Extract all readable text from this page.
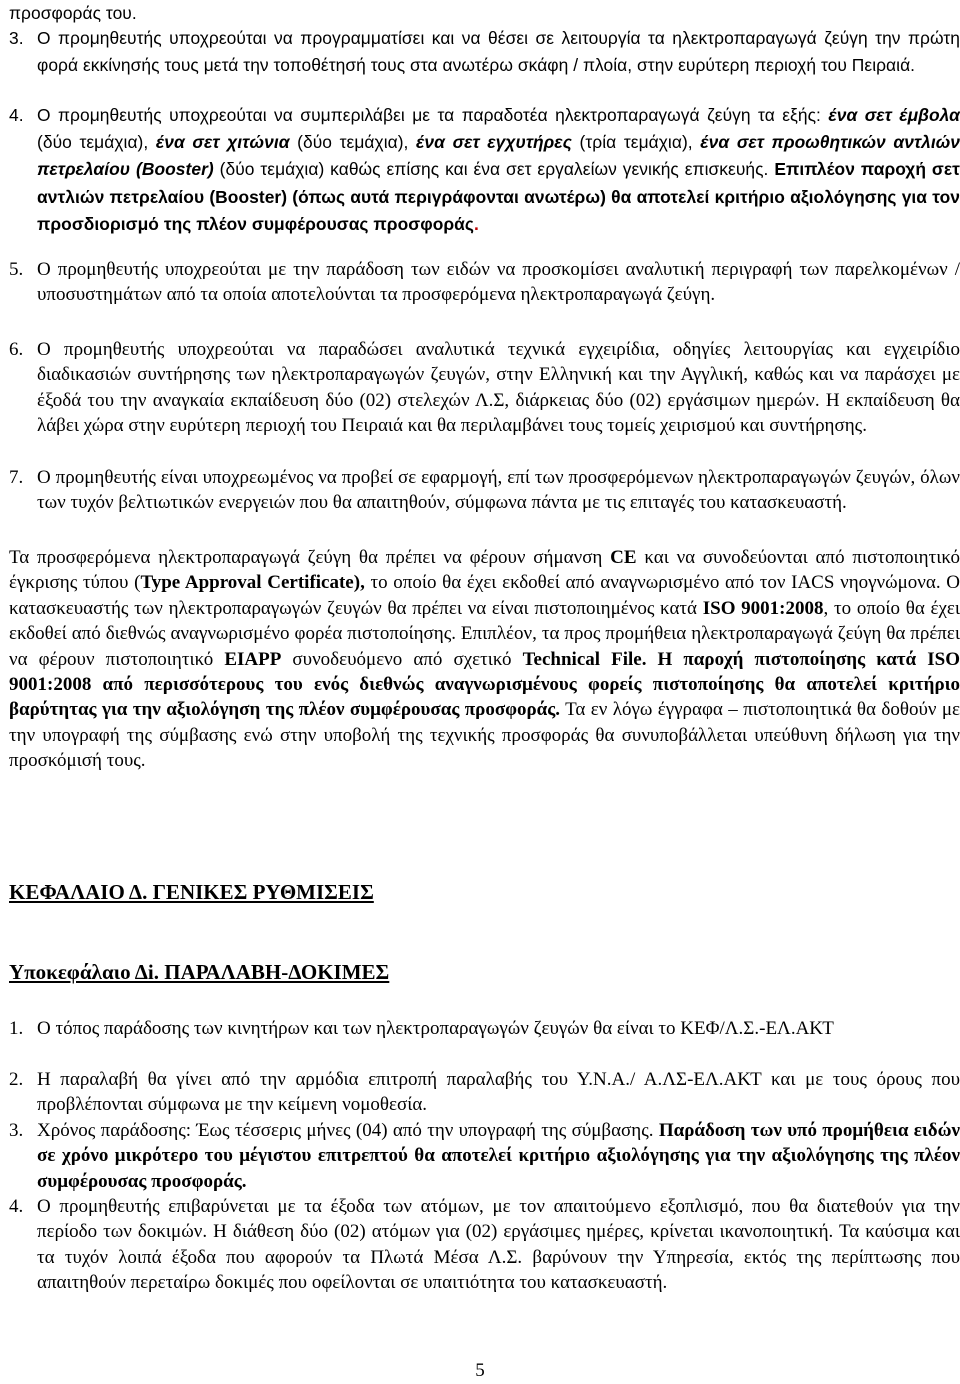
προσφοράς του.

3. Ο προμηθευτής υποχρεούται να προγραμματίσει και να θέσει σε λειτουργία τα ηλεκτροπαραγωγά ζεύγη την πρώτη φορά εκκίνησής τους μετά την τοποθέτησή τους στα ανωτέρω σκάφη / πλοία, στην ευρύτερη περιοχή του Πειραιά.
4. Ο προμηθευτής υποχρεούται να συμπεριλάβει με τα παραδοτέα ηλεκτροπαραγωγά ζεύγη τα εξής: ένα σετ έμβολα (δύο τεμάχια), ένα σετ χιτώνια (δύο τεμάχια), ένα σετ εγχυτήρες (τρία τεμάχια), ένα σετ προωθητικών αντλιών πετρελαίου (Booster) (δύο τεμάχια) καθώς επίσης και ένα σετ εργαλείων γενικής επισκευής. Επιπλέον παροχή σετ αντλιών πετρελαίου (Booster) (όπως αυτά περιγράφονται ανωτέρω) θα αποτελεί κριτήριο αξιολόγησης για τον προσδιορισμό της πλέον συμφέρουσας προσφοράς.
5. Ο προμηθευτής υποχρεούται με την παράδοση των ειδών να προσκομίσει αναλυτική περιγραφή των παρελκομένων / υποσυστημάτων από τα οποία αποτελούνται τα προσφερόμενα ηλεκτροπαραγωγά ζεύγη.
6. Ο προμηθευτής υποχρεούται να παραδώσει αναλυτικά τεχνικά εγχειρίδια, οδηγίες λειτουργίας και εγχειρίδιο διαδικασιών συντήρησης των ηλεκτροπαραγωγών ζευγών, στην Ελληνική και την Αγγλική, καθώς και να παράσχει με έξοδά του την αναγκαία εκπαίδευση δύο (02) στελεχών Λ.Σ, διάρκειας δύο (02) εργάσιμων ημερών. Η εκπαίδευση θα λάβει χώρα στην ευρύτερη περιοχή του Πειραιά και θα περιλαμβάνει τους τομείς χειρισμού και συντήρησης.
7. Ο προμηθευτής είναι υποχρεωμένος να προβεί σε εφαρμογή, επί των προσφερόμενων ηλεκτροπαραγωγών ζευγών, όλων των τυχόν βελτιωτικών ενεργειών που θα απαιτηθούν, σύμφωνα πάντα με τις επιταγές του κατασκευαστή.

Τα προσφερόμενα ηλεκτροπαραγωγά ζεύγη θα πρέπει να φέρουν σήμανση CE και να συνοδεύονται από πιστοποιητικό έγκρισης τύπου (Type Approval Certificate), το οποίο θα έχει εκδοθεί από αναγνωρισμένο από τον IACS νηογνώμονα. Ο κατασκευαστής των ηλεκτροπαραγωγών ζευγών θα πρέπει να είναι πιστοποιημένος κατά ISO 9001:2008, το οποίο θα έχει εκδοθεί από διεθνώς αναγνωρισμένο φορέα πιστοποίησης. Επιπλέον, τα προς προμήθεια ηλεκτροπαραγωγά ζεύγη θα πρέπει να φέρουν πιστοποιητικό EIAPP συνοδευόμενο από σχετικό Technical File. Η παροχή πιστοποίησης κατά ISO 9001:2008 από περισσότερους του ενός διεθνώς αναγνωρισμένους φορείς πιστοποίησης θα αποτελεί κριτήριο βαρύτητας για την αξιολόγηση της πλέον συμφέρουσας προσφοράς. Τα εν λόγω έγγραφα – πιστοποιητικά θα δοθούν με την υπογραφή της σύμβασης ενώ στην υποβολή της τεχνικής προσφοράς θα συνυποβάλλεται υπεύθυνη δήλωση για την προσκόμισή τους.

ΚΕΦΑΛΑΙΟ Δ. ΓΕΝΙΚΕΣ ΡΥΘΜΙΣΕΙΣ

Υποκεφάλαιο Δi. ΠΑΡΑΛΑΒΗ-ΔΟΚΙΜΕΣ

1. Ο τόπος παράδοσης των κινητήρων και των ηλεκτροπαραγωγών ζευγών θα είναι το ΚΕΦ/Λ.Σ.-ΕΛ.ΑΚΤ
2. Η παραλαβή θα γίνει από την αρμόδια επιτροπή παραλαβής του Υ.Ν.Α./ Α.ΛΣ-ΕΛ.ΑΚΤ και με τους όρους που προβλέπονται σύμφωνα με την κείμενη νομοθεσία.
3. Χρόνος παράδοσης: Έως τέσσερις μήνες (04) από την υπογραφή της σύμβασης. Παράδοση των υπό προμήθεια ειδών σε χρόνο μικρότερο του μέγιστου επιτρεπτού θα αποτελεί κριτήριο αξιολόγησης για την αξιολόγησης της πλέον συμφέρουσας προσφοράς.
4. Ο προμηθευτής επιβαρύνεται με τα έξοδα των ατόμων, με τον απαιτούμενο εξοπλισμό, που θα διατεθούν για την περίοδο των δοκιμών. Η διάθεση δύο (02) ατόμων για (02) εργάσιμες ημέρες, κρίνεται ικανοποιητική. Τα καύσιμα και τα τυχόν λοιπά έξοδα που αφορούν τα Πλωτά Μέσα Λ.Σ. βαρύνουν την Υπηρεσία, εκτός της περίπτωσης που απαιτηθούν περεταίρω δοκιμές που οφείλονται σε υπαιτιότητα του κατασκευαστή.
5
